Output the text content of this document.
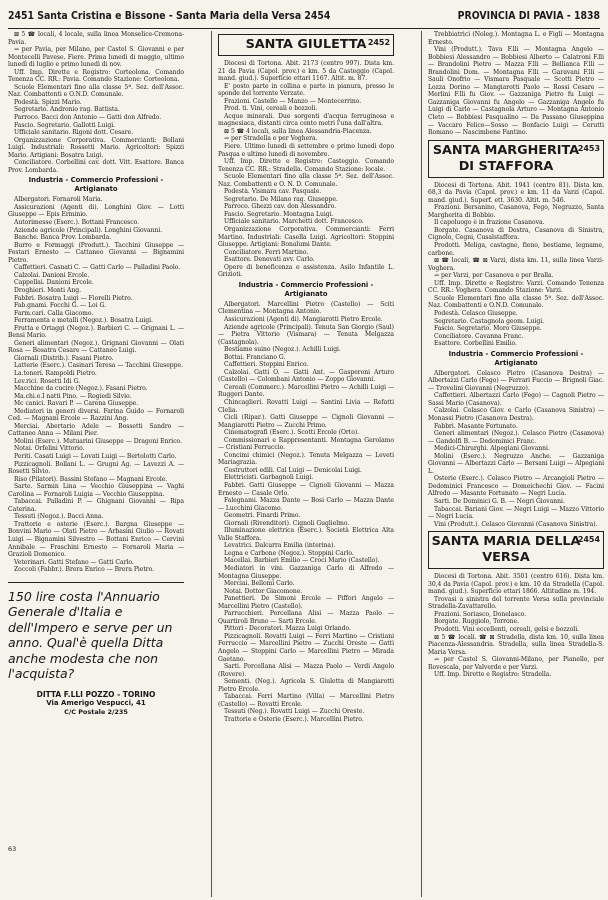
2451 Santa Cristina e Bissone - Santa Maria della Versa 2454	PROVINCIA DI PAVIA - 1838

⊠ 5 ☎ locali, 4 locale, sulla linea Monselice-Cremona-Pavia.

⇝ per Pavia, per Milano, per Castel S. Giovanni e per Montecelli Pavese. Fiere. Prima lunedì di maggio, ultimo lunedì di luglio e primo lunedì di nov.

Uff. Imp. Dirette e Registro: Corteolona. Comando Tenenza CC. RR.: Pavia. Comando Stazione: Corteolona.

Scuole Elementari fino alla classe 5ª. Sez. dell'Assoc. Naz. Combattenti e O.N.D. Comunale.

Podestà. Spizzi Mario.

Segretario. Andronio rag. Battista.

Parroco. Bacci don Antonio — Gatti don Alfredo.

Fascio. Segretario. Gallotti Luigi.

Ufficiale sanitario. Rigoni dott. Cesare.

Organizzazione Corporativa. Commercianti: Bollani Luigi. Industriali: Rossetti Mario. Agricoltori: Spizzi Mario. Artigiani: Bosatra Luigi.

Conciliatore. Corbellini cav. dott. Vitt. Esattore. Banca Prov. Lombarda.

Industria - Commercio Professioni - Artigianato

Albergatori. Fornaroli Maria.

Assicurazioni (Agenti di). Longhini Giov. — Lotti Giuseppe — Epis Erminio.

Autorimesse (Eserc.). Bottani Francesco.

Aziende agricole (Principali). Longhini Giovanni.

Banche. Banca Prov. Lombarda.

Burro e Formaggi (Produtt.). Tacchini Giuseppe — Festari Ernesto — Cattaneo Giovanni — Bignamini Pietro.

Caffettieri. Casnati C. — Gatti Carlo — Palladini Paolo.

Calzolai. Danioni Ercole.

Cappellai. Danioni Ercole.

Droghieri. Monti Ang.

Fabbri. Bosatra Luigi — Fiorelli Pietro.

Fab.gnami. Focchi G. — Loi G.

Farm.cari. Calla Giacomo.

Ferramenta e metalli (Negoz.). Bosatra Luigi.

Frutta e Ortaggi (Negoz.). Barbieri C. — Grignani L. — Bensi Mario.

Generi alimentari (Negoz.). Grignani Giovanni — Olati Rosa — Bosatra Cesare — Cattaneo Luigi.

Giornali (Distrib.). Fasani Pietro.

Latterie (Eserc.). Casinari Teresa — Tacchini Giuseppe.

La.toneri. Rampoldi Pietro.

Lev.rici. Rosetti Idi G.

Macchine da cucire (Negoz.). Fasani Pietro.

Ma.chi.e.I natti Pino. — Rogiedi Silvio.

Mc canici. Ravari P. — Carena Giuseppe.

Mediatori in generi diversi. Farina Guido — Fornaroli Ced. — Magnani Ercole — Razzini Ang.

Merciai. Abertario Adele — Bossetti Sandro — Cattaneo Anna — Milani Pier.

Molini (Eserc.). Mutuarini Giuseppe — Dragoni Enrico.

Notai. Orfelini Vittorio.

Periti. Casati Luigi — Lovati Luigi — Bertolotti Carlo.

Pizzicagnoli. Bollani L. — Grugni Ag. — Lavezzi A. — Rosetti Silvio.

Riso (Pilatori). Bassini Stefano — Magnani Ercole.

Sarte. Sarmin Lina — Vecchio Giuseppina — Vaghi Carolina — Fornaroli Luigia — Vecchio Giuseppina.

Tabaccai. Palladini P. — Ghignani Giovanni — Ripa Caterina.

Tessuti (Negoz.). Bacci Anna.

Trattorie e osterie (Eserc.). Bargna Giuseppe — Bonvini Mario — Olati Pietro — Arbasini Giulio — Rovati Luigi — Bignamini Silvestro — Bottani Enrico — Cervini Annibale — Fraschini Ernesto — Fornaroli Maria — Grazioli Domenico.

Veterinari. Gatti Stefano — Gatti Carlo.

Zoccoli (Fabbr.). Brera Enrico — Brera Pietro.

150 lire costa l'Annuario Generale d'Italia e dell'Impero e serve per un anno. Qual'è quella Ditta anche modesta che non l'acquista?
DITTA F.LLI POZZO - TORINO
Via Amerigo Vespucci, 41
C/C Postale 2/235
63
SANTA GIULETTA 2452

Diocesi di Tortona. Abit. 2173 (centro 997). Dista km. 21 da Pavia (Capol. prov.) e km. 5 da Casteggio (Capol. mand. giud.). Superficie ettari 1167. Altit. m. 87.

E' posto parte in collina e parte in pianura, presso le sponde del torrente Verzate.

Frazioni. Castello — Manzo — Montecerrino.

Prod. ti. Vini, cereali e bozzoli.

Acque minerali. Due sorgenti d'acqua ferruginosa e magnesiaca, distanti circa cento metri l'una dall'altra.

⊠ 5 ☎ 4 locali, sulla linea Alessandria-Piacenza.

⇝ per Stradella e per Voghera.

Fiere. Ultimo lunedì di settembre e primo lunedì dopo Pasqua e ultimo lunedì di novembre.

Uff. Imp. Dirette e Registro: Casteggio. Comando Tenenza CC. RR.: Stradella. Comando Stazione: locale.

Scuole Elementari fino alla classe 5ª. Sez. dell'Assoc. Naz. Combattenti e O. N. D. Comunale.

Podestà. Vismara cav. Pasquale.

Segretario. De Milano rag. Giuseppe.

Parroco. Ghezzi cav. don Alessandro.

Fascio. Segretario. Montagna Luigi.

Ufficiale sanitario. Marchetti dott. Francesco.

Organizzazione Corporativa. Commercianti: Ferri Martino. Industriali: Casella Luigi. Agricoltori: Stoppini Giuseppe. Artigiani: Bonalumi Dante.

Conciliatore. Ferri Martino.

Esattore. Denevati avv. Carlo.

Opere di beneficenza e assistenza. Asilo Infantile L. Grizioti.

Industria - Commercio Professioni - Artigianato

Albergatori. Marcellini Pietro (Castello) — Sciti Clementina — Montagna Antonio.

Assicurazioni (Agenti di). Mangiarotti Pietro Ercole.

Aziende agricole (Principali). Tenuta San Giorgio (Saul) — Pietra Vittorio (Vismara) — Tenuta Melgazza (Castagnola).

Bestiame suino (Negoz.). Achilli Luigi.

Bottai. Franciano G.

Caffettieri. Stoppini Enrico.

Calzolai. Gatti O. — Gatti Ant. — Gasperoni Arturo (Castello) — Colombani Antonio — Zoppo Giovanni.

Cereali (Commerc.). Marcellini Pietro — Achilli Luigi — Ruggeri Dante.

Chincaglieri. Rovatti Luigi — Santini Livia — Refatti Clelia.

Cicli (Ripar.). Gatti Giuseppe — Cignoli Giovanni — Mangiarotti Pietro — Zucchi Primo.

Cinematografi (Eserc.). Scotti Ercole (Orto).

Commissionari e Rappresentanti. Montagna Gerolamo — Cristiani Ferruccio.

Concimi chimici (Negoz.). Tenuta Melgazza — Leveti Mariagrazia.

Costruttori edili. Cal Luigi — Denicolai Luigi.

Elettricisti. Garbagnoli Luigi.

Fabbri. Gatti Giuseppe — Cignoli Giovanni — Mazza Ernesto — Casale Orlo.

Falegnami. Mazza Dante — Bosi Carlo — Mazza Dante — Lucchini Giacomo.

Geometri. Finardi Primo.

Giornali (Rivenditori). Cignoli Guglielmo.

Illuminazione elettrica (Eserc.). Società Elettrica Alta Valle Staffora.

Levatrici. Dalcarra Emilia (interina).

Legna e Carbone (Negoz.). Stoppini Carlo.

Macellai. Barbieri Emilio — Croci Mario (Castello).

Mediatori in vini. Gazzaniga Carlo di Alfredo — Montagna Giuseppe.

Merciai. Bellomi Carlo.

Notai. Dottor Giacomone.

Panettieri. De Simoni Ercole — Piffori Angelo — Marcellini Pietro (Castello).

Parrucchieri. Porcellana Alisi — Mazza Paolo — Quartiroli Bruno — Sarti Ercole.

Pittori - Decoratori. Mazza Luigi Orlando.

Pizzicagnoli. Rovatti Luigi — Ferri Martino — Cristiani Ferruccio — Marcellini Pietro — Zucchi Oreste — Gatti Angelo — Stoppini Carlo — Marcellini Pietro — Mirada Gaetano.

Sarti. Porcellana Alisi — Mazza Paolo — Verdi Angelo (Rovere).

Sementi. (Neg.). Agricola S. Giuletta di Mangiarotti Pietro Ercole.

Tabaccai. Ferri Martino (Villa) — Marcellini Pietro (Castello) — Rovatti Ercole.

Tessuti (Neg.). Rovatti Luigi — Zucchi Oreste.

Trattorie e Osterie (Eserc.). Marcellini Pietro.

Trebbiatrici (Noleg.). Montagna L. e Figli — Montagna Ernesto.

Vini (Produtt.). Tava F.lli — Montagna Angelo — Bobbiesi Alessandro — Bobbiesi Alberto — Calatroni F.lli — Brandolini Pietro — Mazza F.lli — Bellianca F.lli — Brandolini Dom. — Montagna F.lli — Garavani F.lli — Sauli Onofrio — Vismara Pasquale — Scotti Pietro — Lozza Dorino — Mangiarotti Paolo — Rossi Cesare — Merlini F.lli fu Giov. — Gazzaniga Pietro fu Luigi — Gazzaniga Giovanni fu Angelo — Gazzaniga Angelo fu Luigi di Carlo — Castagnola Arturo — Montagna Antonio Cleto — Bobbiesi Pasqualino — Da Passano Giuseppina — Vaccaro Felice—Sosso — Bonfacio Luigi — Cerutti Romano — Nascimbene Fantino.

SANTA MARGHERITA DI STAFFORA
2453

Diocesi di Tortona. Abit. 1941 (centro 81). Dista km. 68,3 da Pavia (Capol. prov.) e km. 11 da Varzi (Capol. mand. giud.). Superf. ett. 3630. Altit. m. 546.

Frazioni. Bersanino, Casanova, Fego, Negruzzo, Santa Margherita di Bobbio.

Il capoluogo è in frazione Casanova.

Borgate. Casanova di Destra, Casanova di Sinistra, Cignolo, Cegni, Cusalstaffora.

Prodotti. Meliga, castagne, fieno, bestiame, legname, carbone.

⊠ ☎ locali, ☎ ⊠ Varzi, dista km. 11, sulla linea Varzi-Voghera.

⇝ per Varzi, per Casanova e per Bralla.

Uff. Imp. Dirette e Registro: Varzi. Comando Tenenza CC. RR.: Voghera. Comando Stazione: Varzi.

Scuole Elementari fino alla classe 5ª. Sez. dell'Assoc. Naz. Combattenti e O.N.D. Comunale.

Podestà. Celasco Giuseppe.

Segretario. Castagnola geom. Luigi.

Fascio. Segretario. Moro Giuseppe.

Conciliatore. Cavanna Franc.

Esattore. Corbellini Emilio.

Industria - Commercio Professioni - Artigianato

Albergatori. Celasco Pietro (Casanova Destra) — Albertazzi Carlo (Fego) — Ferrari Fuccio — Brignoli Giac. — Trovelini Giovanni (Negruzzo).

Caffettieri. Albertazzi Carlo (Fego) — Cagnoli Pietro — Sassi Mario (Casanova).

Calzolai. Celasco Giov. e Carlo (Casanova Sinistra) — Monassi Pietro (Casanova Destra).

Fabbri. Masante Fortunato.

Generi alimentari (Negoz.). Celasco Pietro (Casanova) — Gandolfi B. — Dedominici Franc.

Medici-Chirurghi. Alpegiani Giovanni.

Molini (Eserc.). Negruzzo Anche. — Gazzaniga Giovanni — Albertazzi Carlo — Bersani Luigi — Alpegiani L.

Osterie (Eserc.). Celasco Pietro — Arcangioli Pietro — Dedominici Francesco — Domeichechi Giov. — Facini Alfredo — Masante Fortunato — Negri Lucia.

Sarti. De Dominici G. B. — Negri Giovanni.

Tabaccai. Bariani Giov. — Negri Luigi — Mazzo Vittorio — Negri Lucia.

Vini (Produtt.). Celasco Giovanni (Casanova Sinistra).

SANTA MARIA DELLA VERSA
2454

Diocesi di Tortona. Abit. 3501 (centro 616). Dista km. 30,4 da Pavia (Capol. prov.) e km. 10 da Stradella (Capol. mand. giud.). Superficie ettari 1866. Altitudine m. 194.

Trovasi a sinistra del torrente Versa sulla provinciale Stradella-Zavattarello.

Frazioni. Soriasco, Donelasco.

Borgate. Ruggiolo, Torrone.

Prodotti. Vini eccellenti, cereali, gelsi e bozzoli.

⊠ 5 ☎ locali. ☎ ⊠ Stradella, dista km. 10, sulla linea Piacenza-Alessandria. Stradella, sulla linea Stradella-S. Maria Versa.

⇝ per Castel S. Giovanni-Milano, per Pianello, per Rovescala, per Valverde e per Varzi.

Uff. Imp. Dirette e Registro: Stradella.
